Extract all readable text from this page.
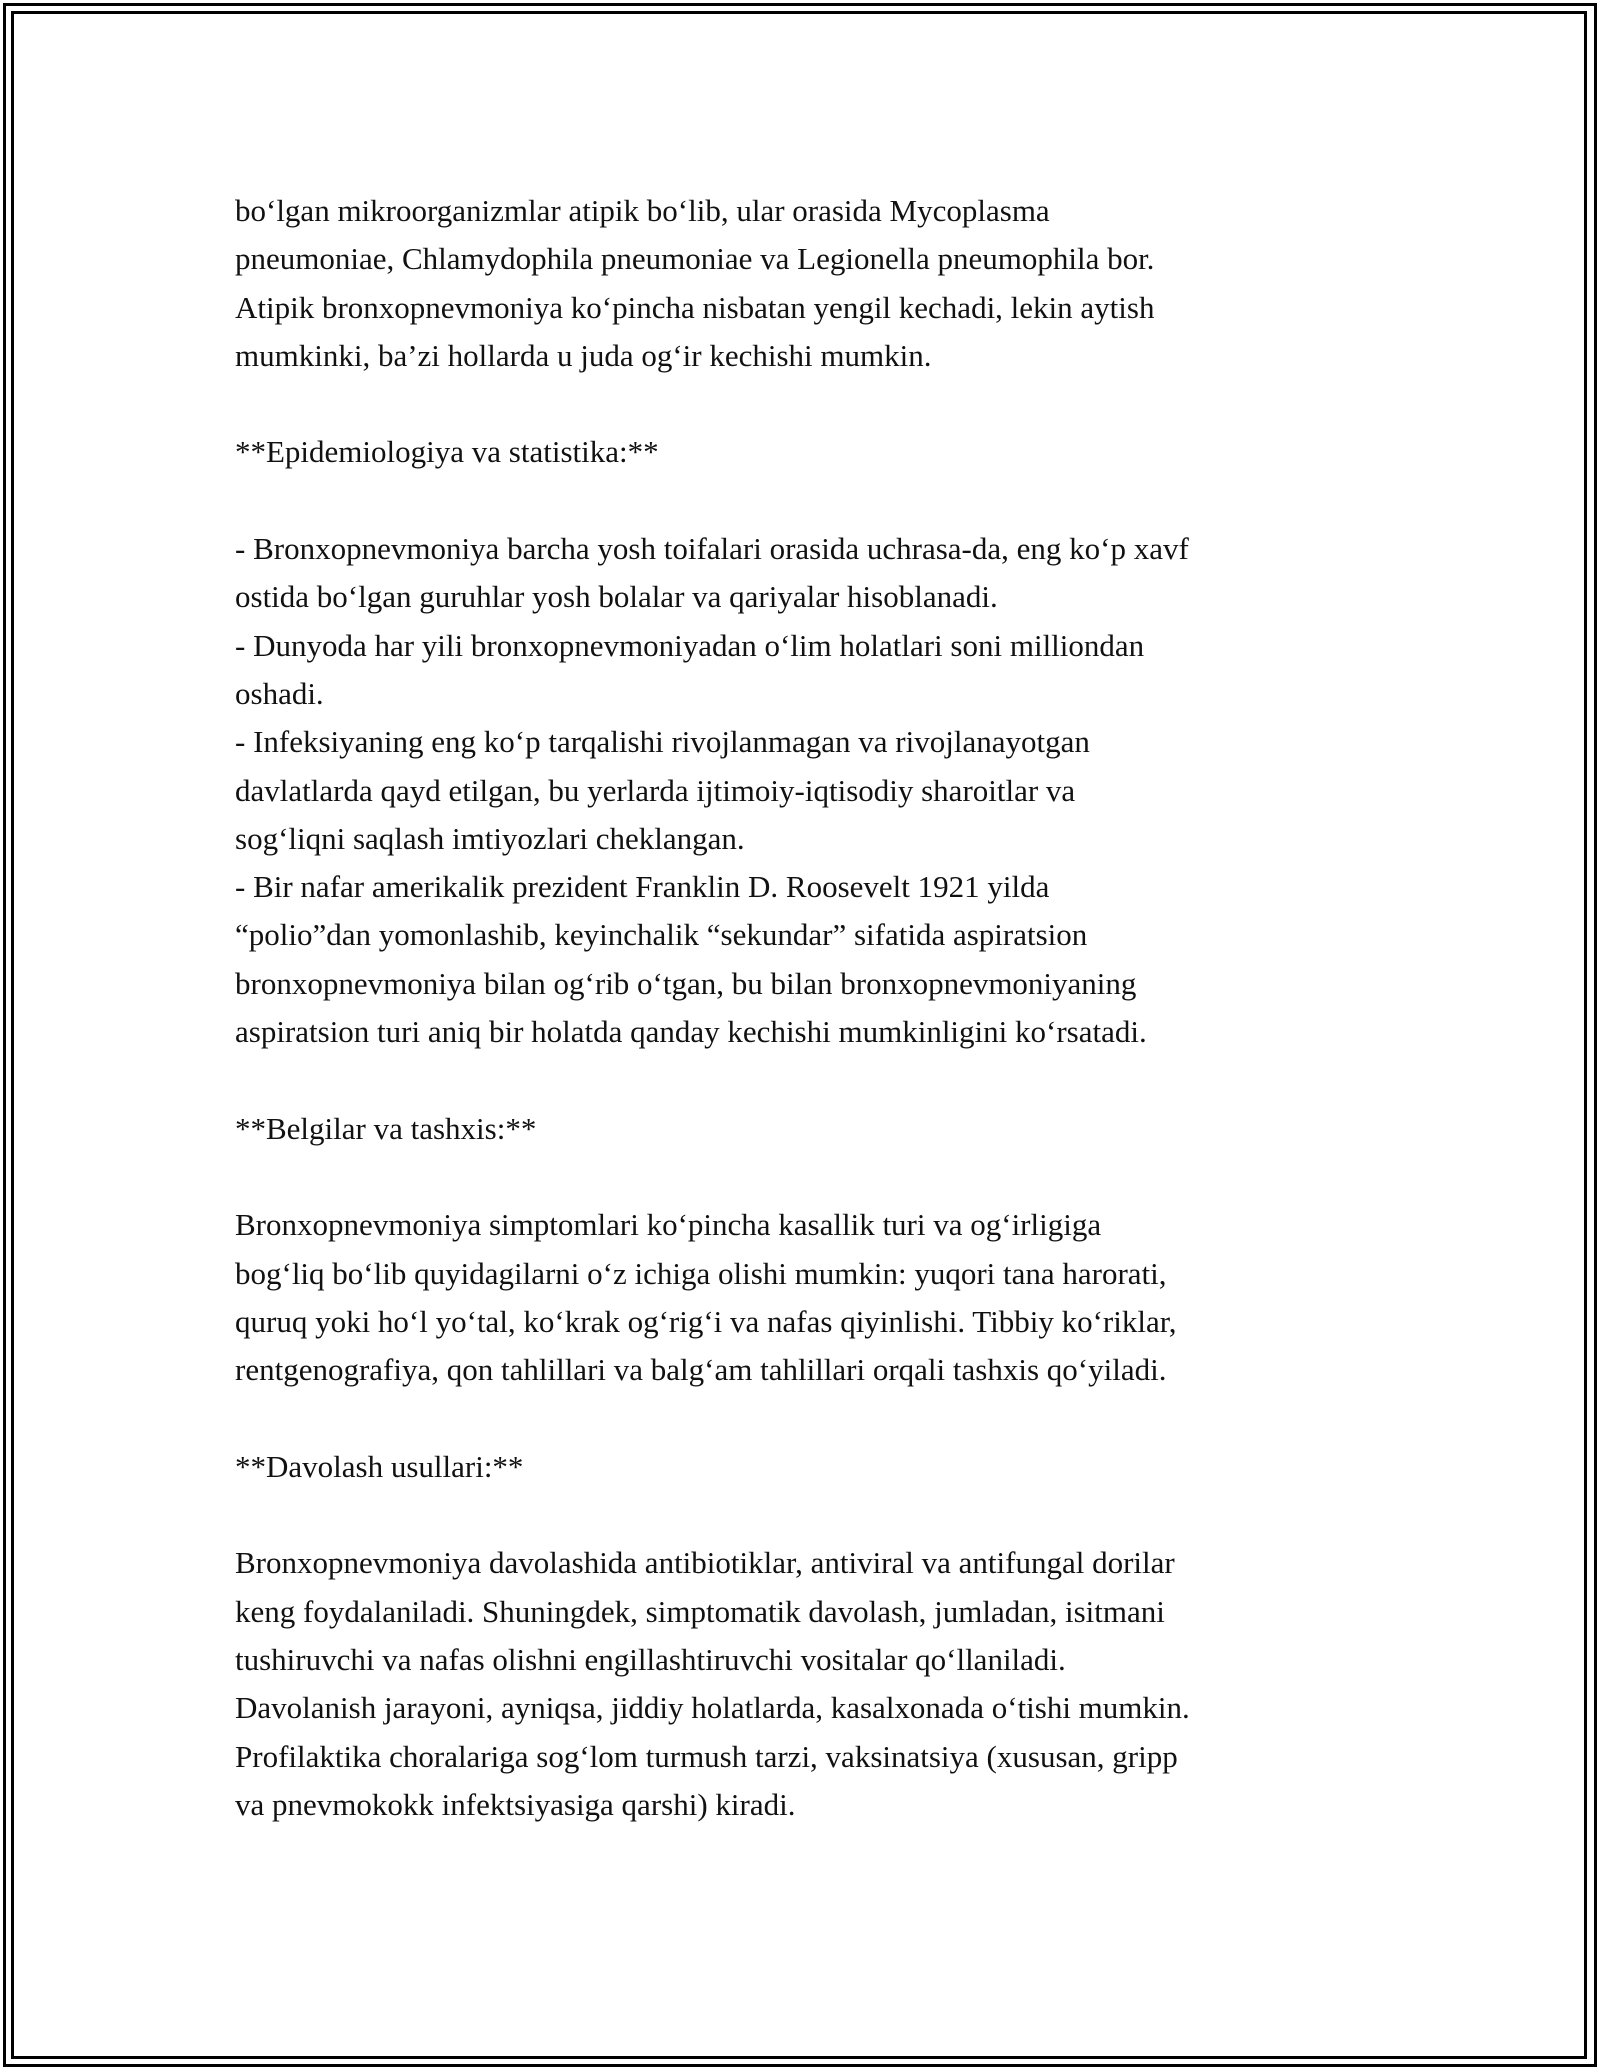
bo‘lgan mikroorganizmlar atipik bo‘lib, ular orasida Mycoplasma
pneumoniae, Chlamydophila pneumoniae va Legionella pneumophila bor.
Atipik bronxopnevmoniya ko‘pincha nisbatan yengil kechadi, lekin aytish
mumkinki, ba’zi hollarda u juda og‘ir kechishi mumkin.
**Epidemiologiya va statistika:**
- Bronxopnevmoniya barcha yosh toifalari orasida uchrasa-da, eng ko‘p xavf
ostida bo‘lgan guruhlar yosh bolalar va qariyalar hisoblanadi.
- Dunyoda har yili bronxopnevmoniyadan o‘lim holatlari soni milliondan
oshadi.
- Infeksiyaning eng ko‘p tarqalishi rivojlanmagan va rivojlanayotgan
davlatlarda qayd etilgan, bu yerlarda ijtimoiy-iqtisodiy sharoitlar va
sog‘liqni saqlash imtiyozlari cheklangan.
- Bir nafar amerikalik prezident Franklin D. Roosevelt 1921 yilda
“polio”dan yomonlashib, keyinchalik “sekundar” sifatida aspiratsion
bronxopnevmoniya bilan og‘rib o‘tgan, bu bilan bronxopnevmoniyaning
aspiratsion turi aniq bir holatda qanday kechishi mumkinligini ko‘rsatadi.
**Belgilar va tashxis:**
Bronxopnevmoniya simptomlari ko‘pincha kasallik turi va og‘irligiga
bog‘liq bo‘lib quyidagilarni o‘z ichiga olishi mumkin: yuqori tana harorati,
quruq yoki ho‘l yo‘tal, ko‘krak og‘rig‘i va nafas qiyinlishi. Tibbiy ko‘riklar,
rentgenografiya, qon tahlillari va balg‘am tahlillari orqali tashxis qo‘yiladi.
**Davolash usullari:**
Bronxopnevmoniya davolashida antibiotiklar, antiviral va antifungal dorilar
keng foydalaniladi. Shuningdek, simptomatik davolash, jumladan, isitmani
tushiruvchi va nafas olishni engillashtiruvchi vositalar qo‘llaniladi.
Davolanish jarayoni, ayniqsa, jiddiy holatlarda, kasalxonada o‘tishi mumkin.
Profilaktika choralariga sog‘lom turmush tarzi, vaksinatsiya (xususan, gripp
va pnevmokokk infektsiyasiga qarshi) kiradi.
